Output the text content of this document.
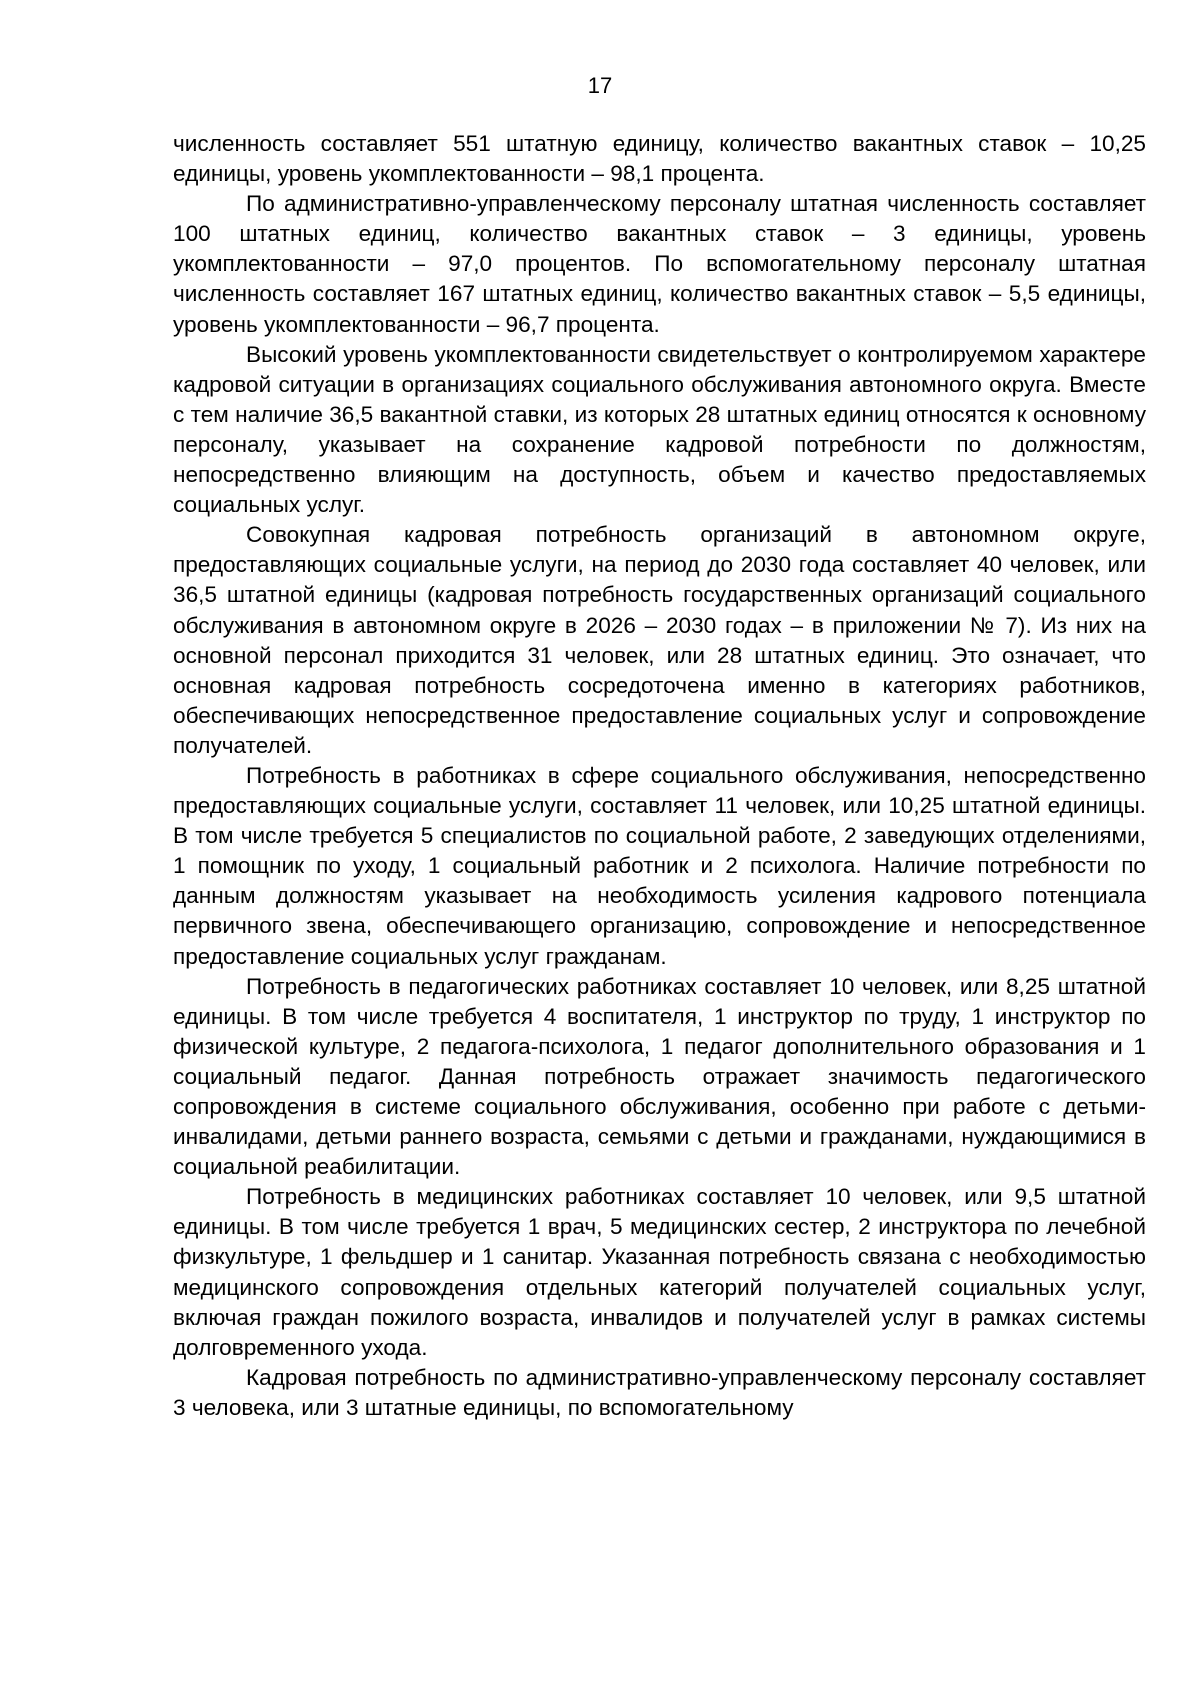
17

численность составляет 551 штатную единицу, количество вакантных ставок – 10,25 единицы, уровень укомплектованности – 98,1 процента.

По административно-управленческому персоналу штатная численность составляет 100 штатных единиц, количество вакантных ставок – 3 единицы, уровень укомплектованности – 97,0 процентов. По вспомогательному персоналу штатная численность составляет 167 штатных единиц, количество вакантных ставок – 5,5 единицы, уровень укомплектованности – 96,7 процента.

Высокий уровень укомплектованности свидетельствует о контролируемом характере кадровой ситуации в организациях социального обслуживания автономного округа. Вместе с тем наличие 36,5 вакантной ставки, из которых 28 штатных единиц относятся к основному персоналу, указывает на сохранение кадровой потребности по должностям, непосредственно влияющим на доступность, объем и качество предоставляемых социальных услуг.

Совокупная кадровая потребность организаций в автономном округе, предоставляющих социальные услуги, на период до 2030 года составляет 40 человек, или 36,5 штатной единицы (кадровая потребность государственных организаций социального обслуживания в автономном округе в 2026 – 2030 годах – в приложении № 7). Из них на основной персонал приходится 31 человек, или 28 штатных единиц. Это означает, что основная кадровая потребность сосредоточена именно в категориях работников, обеспечивающих непосредственное предоставление социальных услуг и сопровождение получателей.

Потребность в работниках в сфере социального обслуживания, непосредственно предоставляющих социальные услуги, составляет 11 человек, или 10,25 штатной единицы. В том числе требуется 5 специалистов по социальной работе, 2 заведующих отделениями, 1 помощник по уходу, 1 социальный работник и 2 психолога. Наличие потребности по данным должностям указывает на необходимость усиления кадрового потенциала первичного звена, обеспечивающего организацию, сопровождение и непосредственное предоставление социальных услуг гражданам.

Потребность в педагогических работниках составляет 10 человек, или 8,25 штатной единицы. В том числе требуется 4 воспитателя, 1 инструктор по труду, 1 инструктор по физической культуре, 2 педагога-психолога, 1 педагог дополнительного образования и 1 социальный педагог. Данная потребность отражает значимость педагогического сопровождения в системе социального обслуживания, особенно при работе с детьми-инвалидами, детьми раннего возраста, семьями с детьми и гражданами, нуждающимися в социальной реабилитации.

Потребность в медицинских работниках составляет 10 человек, или 9,5 штатной единицы. В том числе требуется 1 врач, 5 медицинских сестер, 2 инструктора по лечебной физкультуре, 1 фельдшер и 1 санитар. Указанная потребность связана с необходимостью медицинского сопровождения отдельных категорий получателей социальных услуг, включая граждан пожилого возраста, инвалидов и получателей услуг в рамках системы долговременного ухода.

Кадровая потребность по административно-управленческому персоналу составляет 3 человека, или 3 штатные единицы, по вспомогательному
